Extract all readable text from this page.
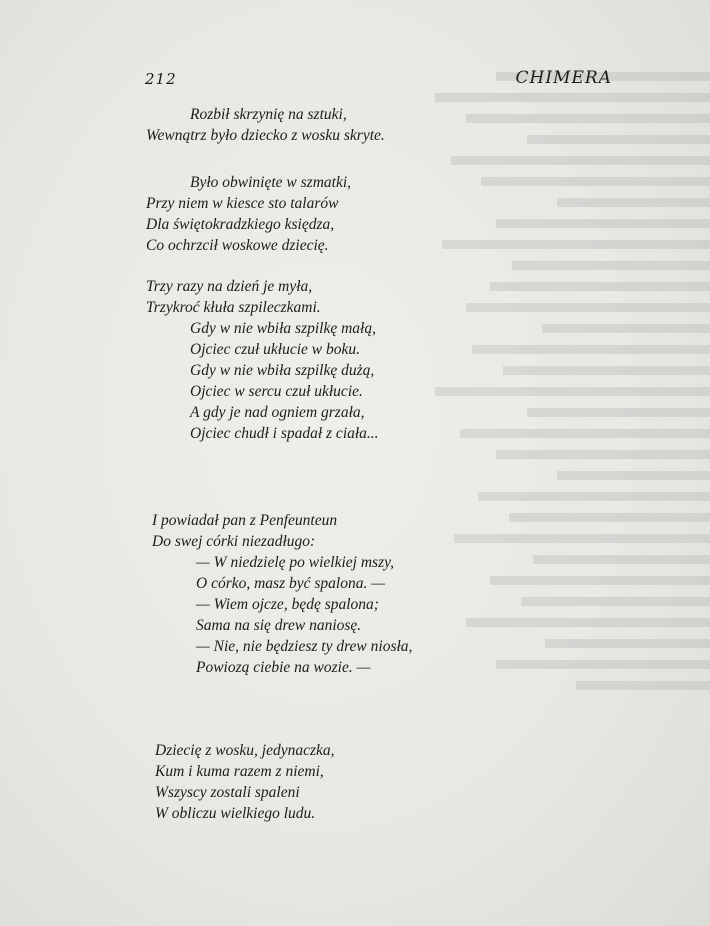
212	CHIMERA
Rozbił skrzynię na sztuki,
Wewnątrz było dziecko z wosku skryte.
Było obwinięte w szmatki,
Przy niem w kiesce sto talarów
Dla świętokradzkiego księdza,
Co ochrzcił woskowe dziecię.
Trzy razy na dzień je myła,
Trzykroć kłuła szpileczkami.
Gdy w nie wbiła szpilkę małą,
Ojciec czuł ukłucie w boku.
Gdy w nie wbiła szpilkę dużą,
Ojciec w sercu czuł ukłucie.
A gdy je nad ogniem grzała,
Ojciec chudł i spadał z ciała...
I powiadał pan z Penfeunteun
Do swej córki niezadługo:
— W niedzielę po wielkiej mszy,
O córko, masz być spalona. —
— Wiem ojcze, będę spalona;
Sama na się drew naniosę.
— Nie, nie będziesz ty drew niosła,
Powiozą ciebie na wozie. —
Dziecię z wosku, jedynaczka,
Kum i kuma razem z niemi,
Wszyscy zostali spaleni
W obliczu wielkiego ludu.
